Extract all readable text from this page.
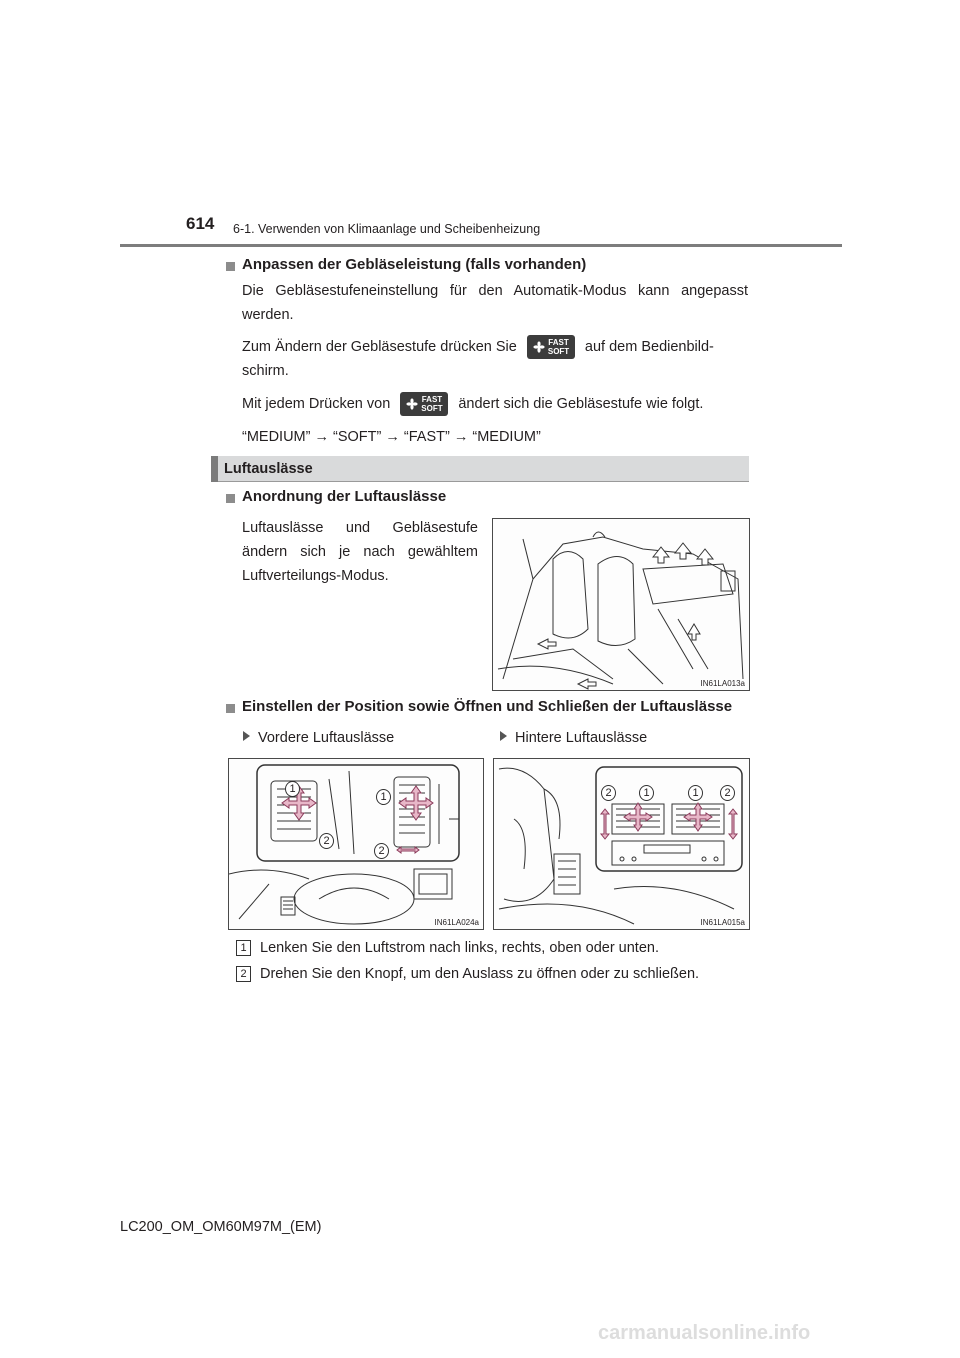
614 6-1. Verwenden von Klimaanlage und Scheibenheizung
Anpassen der Gebläseleistung (falls vorhanden)
Die Gebläsestufeneinstellung für den Automatik-Modus kann angepasst werden.
Zum Ändern der Gebläsestufe drücken Sie	FAST
SOFT auf dem Bedienbild-
schirm.
Mit jedem Drücken von	FAST
SOFT ändert sich die Gebläsestufe wie folgt.
“MEDIUM” → “SOFT” → “FAST” → “MEDIUM”
Luftauslässe
Anordnung der Luftauslässe
Luftauslässe und Gebläsestufe ändern sich je nach gewähltem Luftverteilungs-Modus.
IN61LA013a
Einstellen der Position sowie Öffnen und Schließen der Luftauslässe
Vordere Luftauslässe	Hintere Luftauslässe
1
1
2
2
IN61LA024a
2	1	1	2
IN61LA015a
1 Lenken Sie den Luftstrom nach links, rechts, oben oder unten.
2 Drehen Sie den Knopf, um den Auslass zu öffnen oder zu schließen.
LC200_OM_OM60M97M_(EM)
carmanualsonline.info
